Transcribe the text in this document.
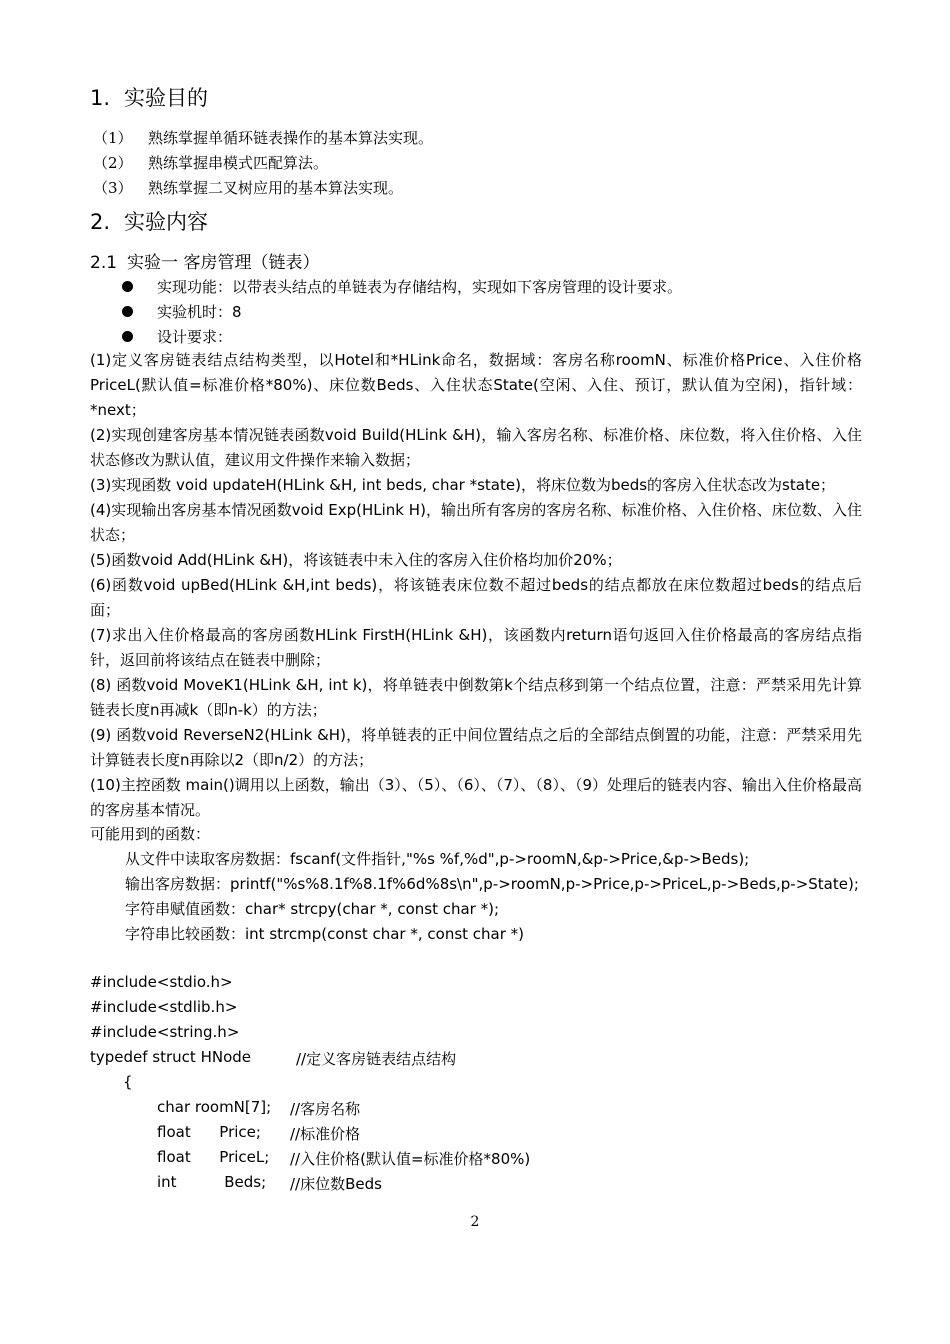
1. 实验目的
（1） 熟练掌握单循环链表操作的基本算法实现。
（2） 熟练掌握串模式匹配算法。
（3） 熟练掌握二叉树应用的基本算法实现。
2. 实验内容
2.1 实验一 客房管理（链表）
实现功能：以带表头结点的单链表为存储结构，实现如下客房管理的设计要求。
实验机时：8
设计要求：
(1)定义客房链表结点结构类型，以Hotel和*HLink命名，数据域：客房名称roomN、标准价格Price、入住价格PriceL(默认值=标准价格*80%)、床位数Beds、入住状态State(空闲、入住、预订，默认值为空闲)，指针域：*next；
(2)实现创建客房基本情况链表函数void Build(HLink &H)，输入客房名称、标准价格、床位数，将入住价格、入住状态修改为默认值，建议用文件操作来输入数据；
(3)实现函数 void updateH(HLink &H, int beds, char *state)，将床位数为beds的客房入住状态改为state；
(4)实现输出客房基本情况函数void Exp(HLink H)，输出所有客房的客房名称、标准价格、入住价格、床位数、入住状态；
(5)函数void Add(HLink &H)，将该链表中未入住的客房入住价格均加价20%；
(6)函数void upBed(HLink &H,int beds)，将该链表床位数不超过beds的结点都放在床位数超过beds的结点后面；
(7)求出入住价格最高的客房函数HLink FirstH(HLink &H)，该函数内return语句返回入住价格最高的客房结点指针，返回前将该结点在链表中删除；
(8) 函数void MoveK1(HLink &H, int k)，将单链表中倒数第k个结点移到第一个结点位置，注意：严禁采用先计算链表长度n再减k（即n-k）的方法；
(9) 函数void ReverseN2(HLink &H)，将单链表的正中间位置结点之后的全部结点倒置的功能，注意：严禁采用先计算链表长度n再除以2（即n/2）的方法；
(10)主控函数 main()调用以上函数，输出（3）、（5）、（6）、（7）、（8）、（9）处理后的链表内容、输出入住价格最高的客房基本情况。
可能用到的函数：
从文件中读取客房数据：fscanf(文件指针,"%s %f,%d",p->roomN,&p->Price,&p->Beds);
输出客房数据：printf("%s%8.1f%8.1f%6d%8s\n",p->roomN,p->Price,p->PriceL,p->Beds,p->State);
字符串赋值函数：char* strcpy(char *, const char *);
字符串比较函数：int strcmp(const char *, const char *)
#include<stdio.h>
#include<stdlib.h>
#include<string.h>
typedef struct HNode	//定义客房链表结点结构
{
char roomN[7]; //客房名称
float      Price; //标准价格
float      PriceL; //入住价格(默认值=标准价格*80%)
int          Beds; //床位数Beds
2
